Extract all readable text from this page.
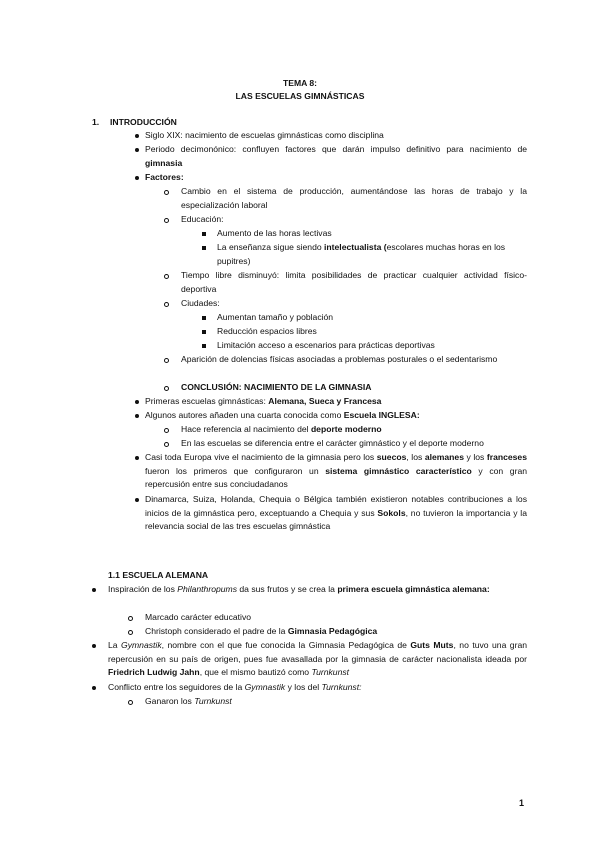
TEMA 8:
LAS ESCUELAS GIMNÁSTICAS
1. INTRODUCCIÓN
Siglo XIX: nacimiento de escuelas gimnásticas como disciplina
Periodo decimonónico: confluyen factores que darán impulso definitivo para nacimiento de gimnasia
Factores:
Cambio en el sistema de producción, aumentándose las horas de trabajo y la especialización laboral
Educación:
Aumento de las horas lectivas
La enseñanza sigue siendo intelectualista (escolares muchas horas en los pupitres)
Tiempo libre disminuyó: limita posibilidades de practicar cualquier actividad físico-deportiva
Ciudades:
Aumentan tamaño y población
Reducción espacios libres
Limitación acceso a escenarios para prácticas deportivas
Aparición de dolencias físicas asociadas a problemas posturales o el sedentarismo
CONCLUSIÓN: NACIMIENTO DE LA GIMNASIA
Primeras escuelas gimnásticas: Alemana, Sueca y Francesa
Algunos autores añaden una cuarta conocida como Escuela INGLESA:
Hace referencia al nacimiento del deporte moderno
En las escuelas se diferencia entre el carácter gimnástico y el deporte moderno
Casi toda Europa vive el nacimiento de la gimnasia pero los suecos, los alemanes y los franceses fueron los primeros que configuraron un sistema gimnástico característico y con gran repercusión entre sus conciudadanos
Dinamarca, Suiza, Holanda, Chequia o Bélgica también existieron notables contribuciones a los inicios de la gimnástica pero, exceptuando a Chequia y sus Sokols, no tuvieron la importancia y la relevancia social de las tres escuelas gimnástica
1.1 ESCUELA ALEMANA
Inspiración de los Philanthropums da sus frutos y se crea la primera escuela gimnástica alemana:
Marcado carácter educativo
Christoph considerado el padre de la Gimnasia Pedagógica
La Gymnastik, nombre con el que fue conocida la Gimnasia Pedagógica de Guts Muts, no tuvo una gran repercusión en su país de origen, pues fue avasallada por la gimnasia de carácter nacionalista ideada por Friedrich Ludwig Jahn, que el mismo bautizó como Turnkunst
Conflicto entre los seguidores de la Gymnastik y los del Turnkunst:
Ganaron los Turnkunst
1
